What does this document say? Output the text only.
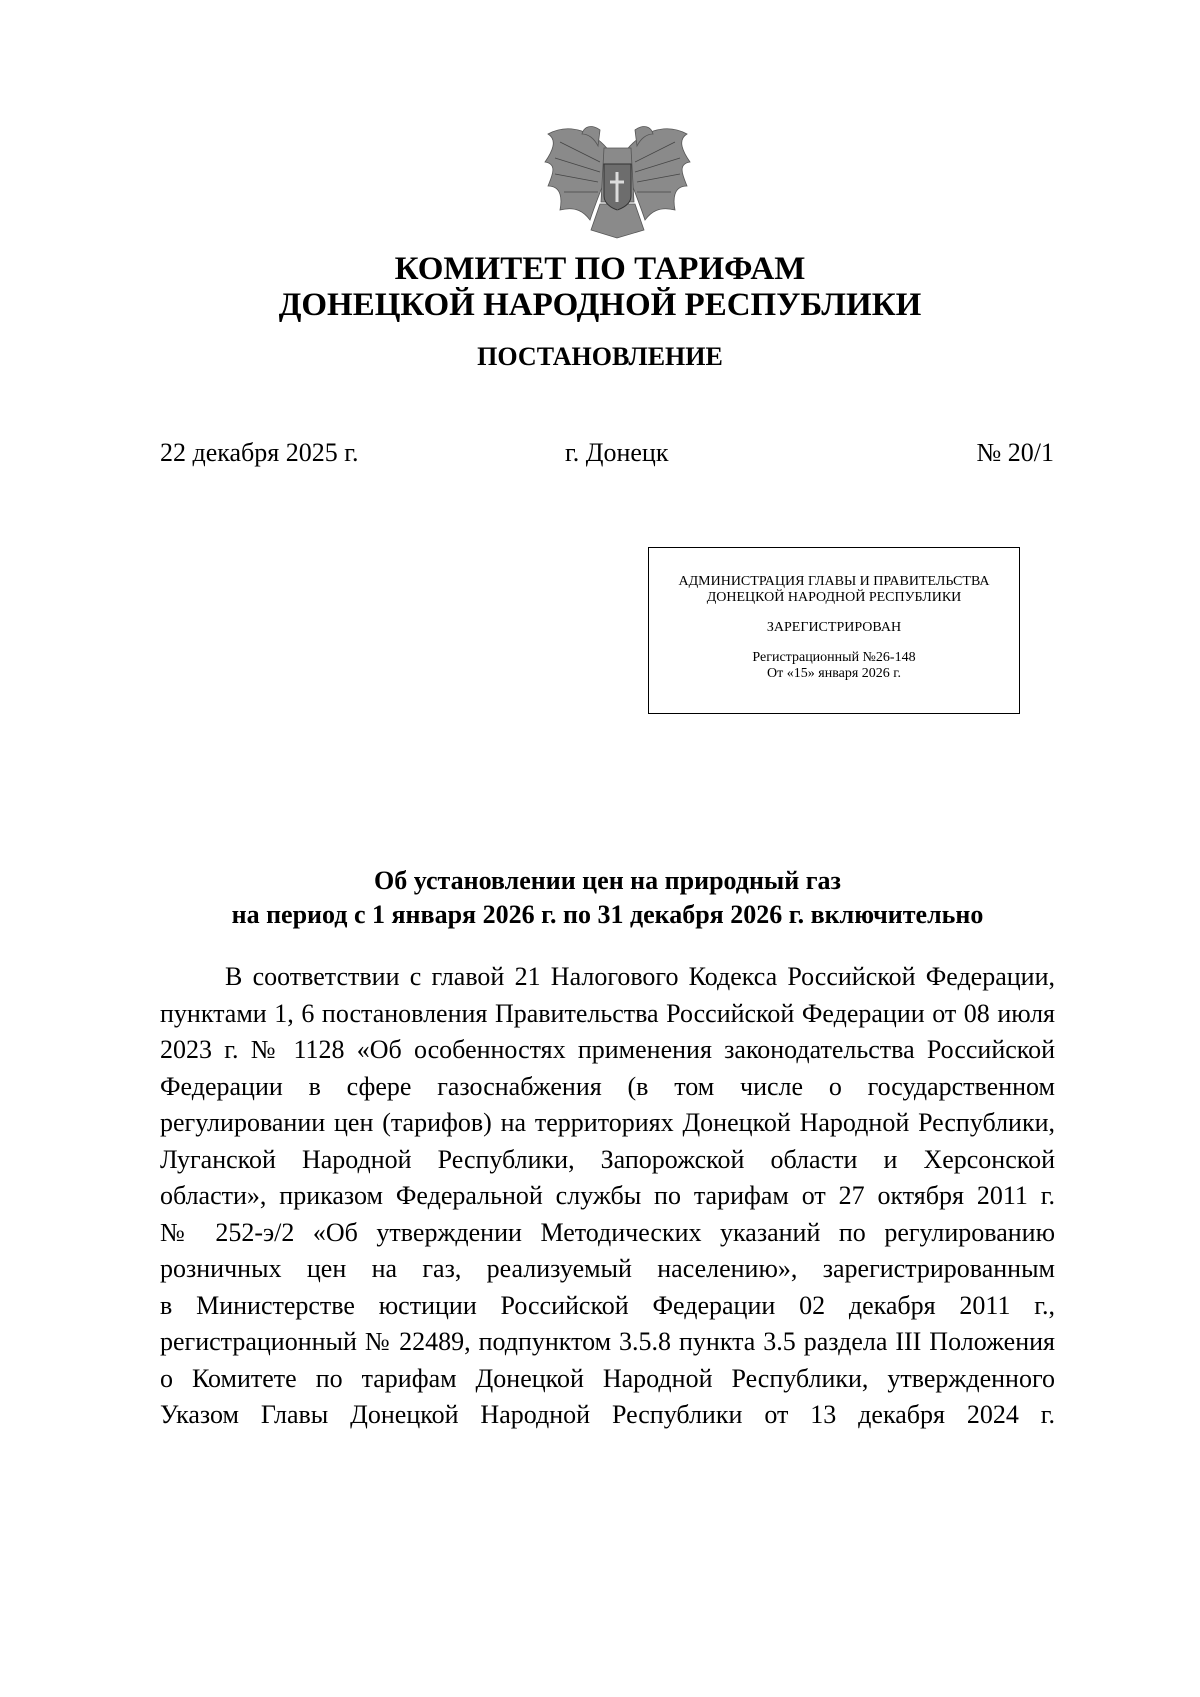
КОМИТЕТ ПО ТАРИФАМ
ДОНЕЦКОЙ НАРОДНОЙ РЕСПУБЛИКИ
ПОСТАНОВЛЕНИЕ
22 декабря 2025 г.	г. Донецк	№ 20/1
АДМИНИСТРАЦИЯ ГЛАВЫ И ПРАВИТЕЛЬСТВА
ДОНЕЦКОЙ НАРОДНОЙ РЕСПУБЛИКИ
ЗАРЕГИСТРИРОВАН
Регистрационный №26-148
От «15» января 2026 г.
Об установлении цен на природный газ
на период с 1 января 2026 г. по 31 декабря 2026 г. включительно
В соответствии с главой 21 Налогового Кодекса Российской Федерации,
пунктами 1, 6 постановления Правительства Российской Федерации от 08 июля
2023 г. № 1128 «Об особенностях применения законодательства Российской
Федерации в сфере газоснабжения (в том числе о государственном
регулировании цен (тарифов) на территориях Донецкой Народной Республики,
Луганской Народной Республики, Запорожской области и Херсонской
области», приказом Федеральной службы по тарифам от 27 октября 2011 г.
№ 252-э/2 «Об утверждении Методических указаний по регулированию
розничных цен на газ, реализуемый населению», зарегистрированным
в Министерстве юстиции Российской Федерации 02 декабря 2011 г.,
регистрационный № 22489, подпунктом 3.5.8 пункта 3.5 раздела III Положения
о Комитете по тарифам Донецкой Народной Республики, утвержденного
Указом Главы Донецкой Народной Республики от 13 декабря 2024 г.
